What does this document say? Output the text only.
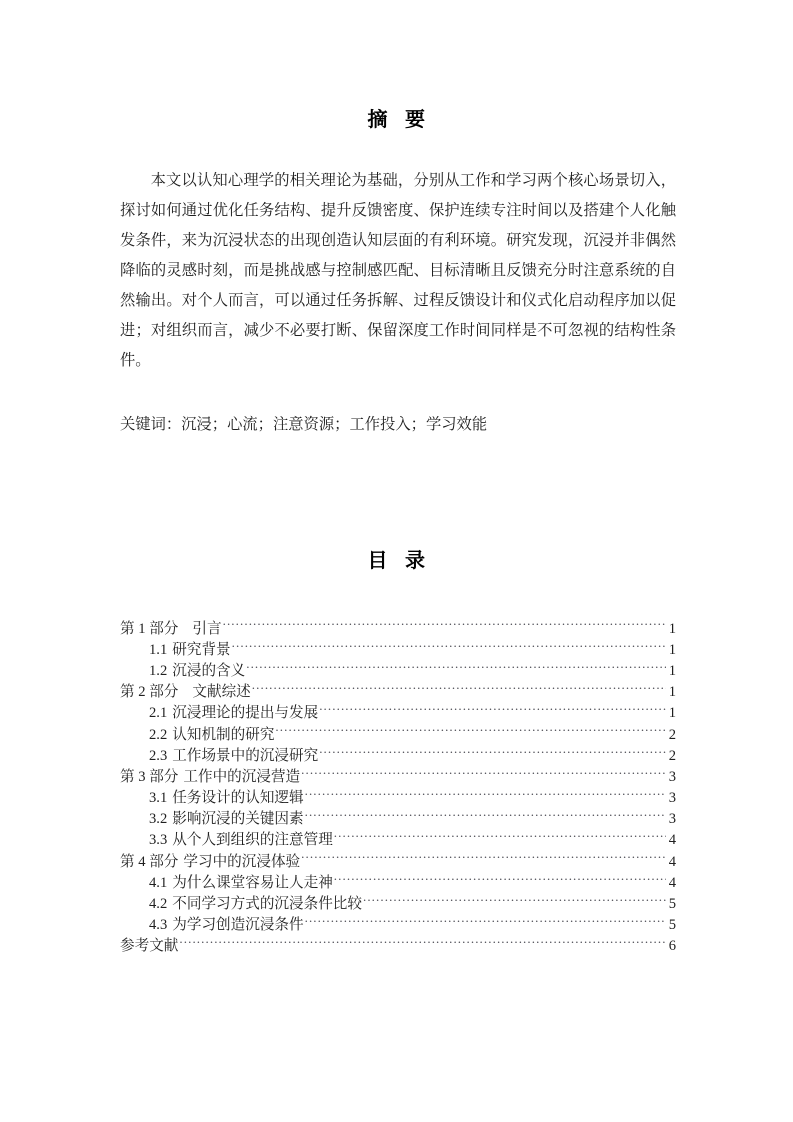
摘 要
本文以认知心理学的相关理论为基础，分别从工作和学习两个核心场景切入，探讨如何通过优化任务结构、提升反馈密度、保护连续专注时间以及搭建个人化触发条件，来为沉浸状态的出现创造认知层面的有利环境。研究发现，沉浸并非偶然降临的灵感时刻，而是挑战感与控制感匹配、目标清晰且反馈充分时注意系统的自然输出。对个人而言，可以通过任务拆解、过程反馈设计和仪式化启动程序加以促进；对组织而言，减少不必要打断、保留深度工作时间同样是不可忽视的结构性条件。
关键词：沉浸；心流；注意资源；工作投入；学习效能
目 录
第 1 部分 引言 .....	1
1.1 研究背景 .....	1
1.2 沉浸的含义 .....	1
第 2 部分 文献综述 .....	1
2.1 沉浸理论的提出与发展 .....	1
2.2 认知机制的研究 .....	2
2.3 工作场景中的沉浸研究 .....	2
第 3 部分 工作中的沉浸营造 .....	3
3.1 任务设计的认知逻辑 .....	3
3.2 影响沉浸的关键因素 .....	3
3.3 从个人到组织的注意管理 .....	4
第 4 部分 学习中的沉浸体验 .....	4
4.1 为什么课堂容易让人走神 .....	4
4.2 不同学习方式的沉浸条件比较 .....	5
4.3 为学习创造沉浸条件 .....	5
参考文献 .....	6
